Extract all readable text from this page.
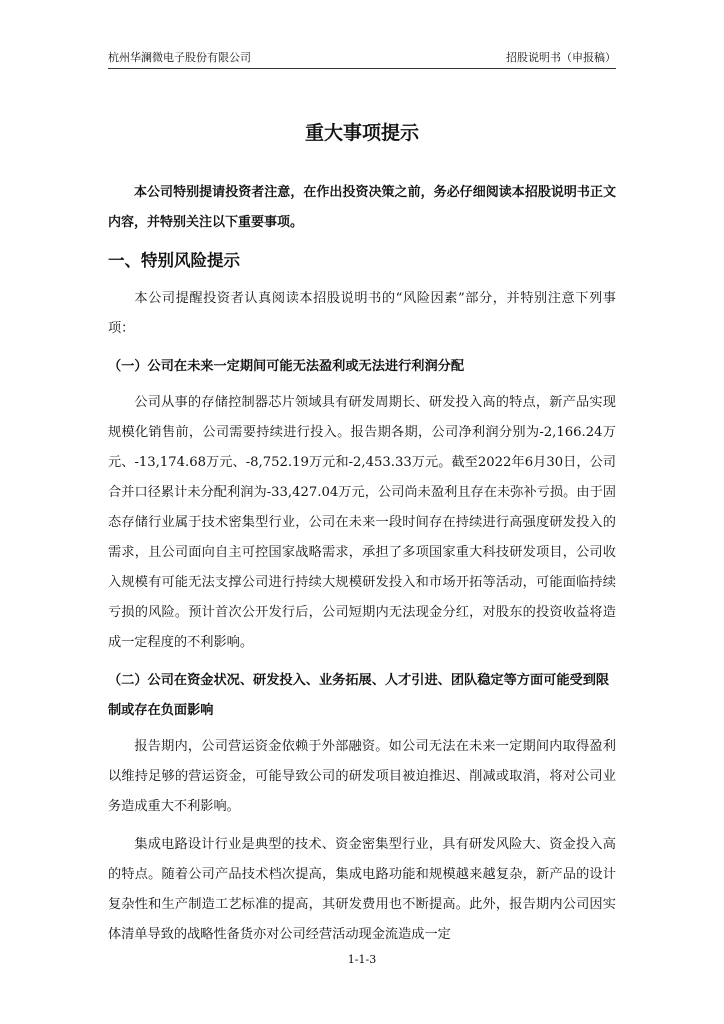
杭州华澜微电子股份有限公司	招股说明书（申报稿）
重大事项提示

本公司特别提请投资者注意，在作出投资决策之前，务必仔细阅读本招股说明书正文内容，并特别关注以下重要事项。

一、特别风险提示

本公司提醒投资者认真阅读本招股说明书的“风险因素”部分，并特别注意下列事项：

（一）公司在未来一定期间可能无法盈利或无法进行利润分配

公司从事的存储控制器芯片领域具有研发周期长、研发投入高的特点，新产品实现规模化销售前，公司需要持续进行投入。报告期各期，公司净利润分别为-2,166.24万元、-13,174.68万元、-8,752.19万元和-2,453.33万元。截至2022年6月30日，公司合并口径累计未分配利润为-33,427.04万元，公司尚未盈利且存在未弥补亏损。由于固态存储行业属于技术密集型行业，公司在未来一段时间存在持续进行高强度研发投入的需求，且公司面向自主可控国家战略需求，承担了多项国家重大科技研发项目，公司收入规模有可能无法支撑公司进行持续大规模研发投入和市场开拓等活动，可能面临持续亏损的风险。预计首次公开发行后，公司短期内无法现金分红，对股东的投资收益将造成一定程度的不利影响。

（二）公司在资金状况、研发投入、业务拓展、人才引进、团队稳定等方面可能受到限制或存在负面影响

报告期内，公司营运资金依赖于外部融资。如公司无法在未来一定期间内取得盈利以维持足够的营运资金，可能导致公司的研发项目被迫推迟、削减或取消，将对公司业务造成重大不利影响。

集成电路设计行业是典型的技术、资金密集型行业，具有研发风险大、资金投入高的特点。随着公司产品技术档次提高，集成电路功能和规模越来越复杂，新产品的设计复杂性和生产制造工艺标准的提高，其研发费用也不断提高。此外，报告期内公司因实体清单导致的战略性备货亦对公司经营活动现金流造成一定

1-1-3
